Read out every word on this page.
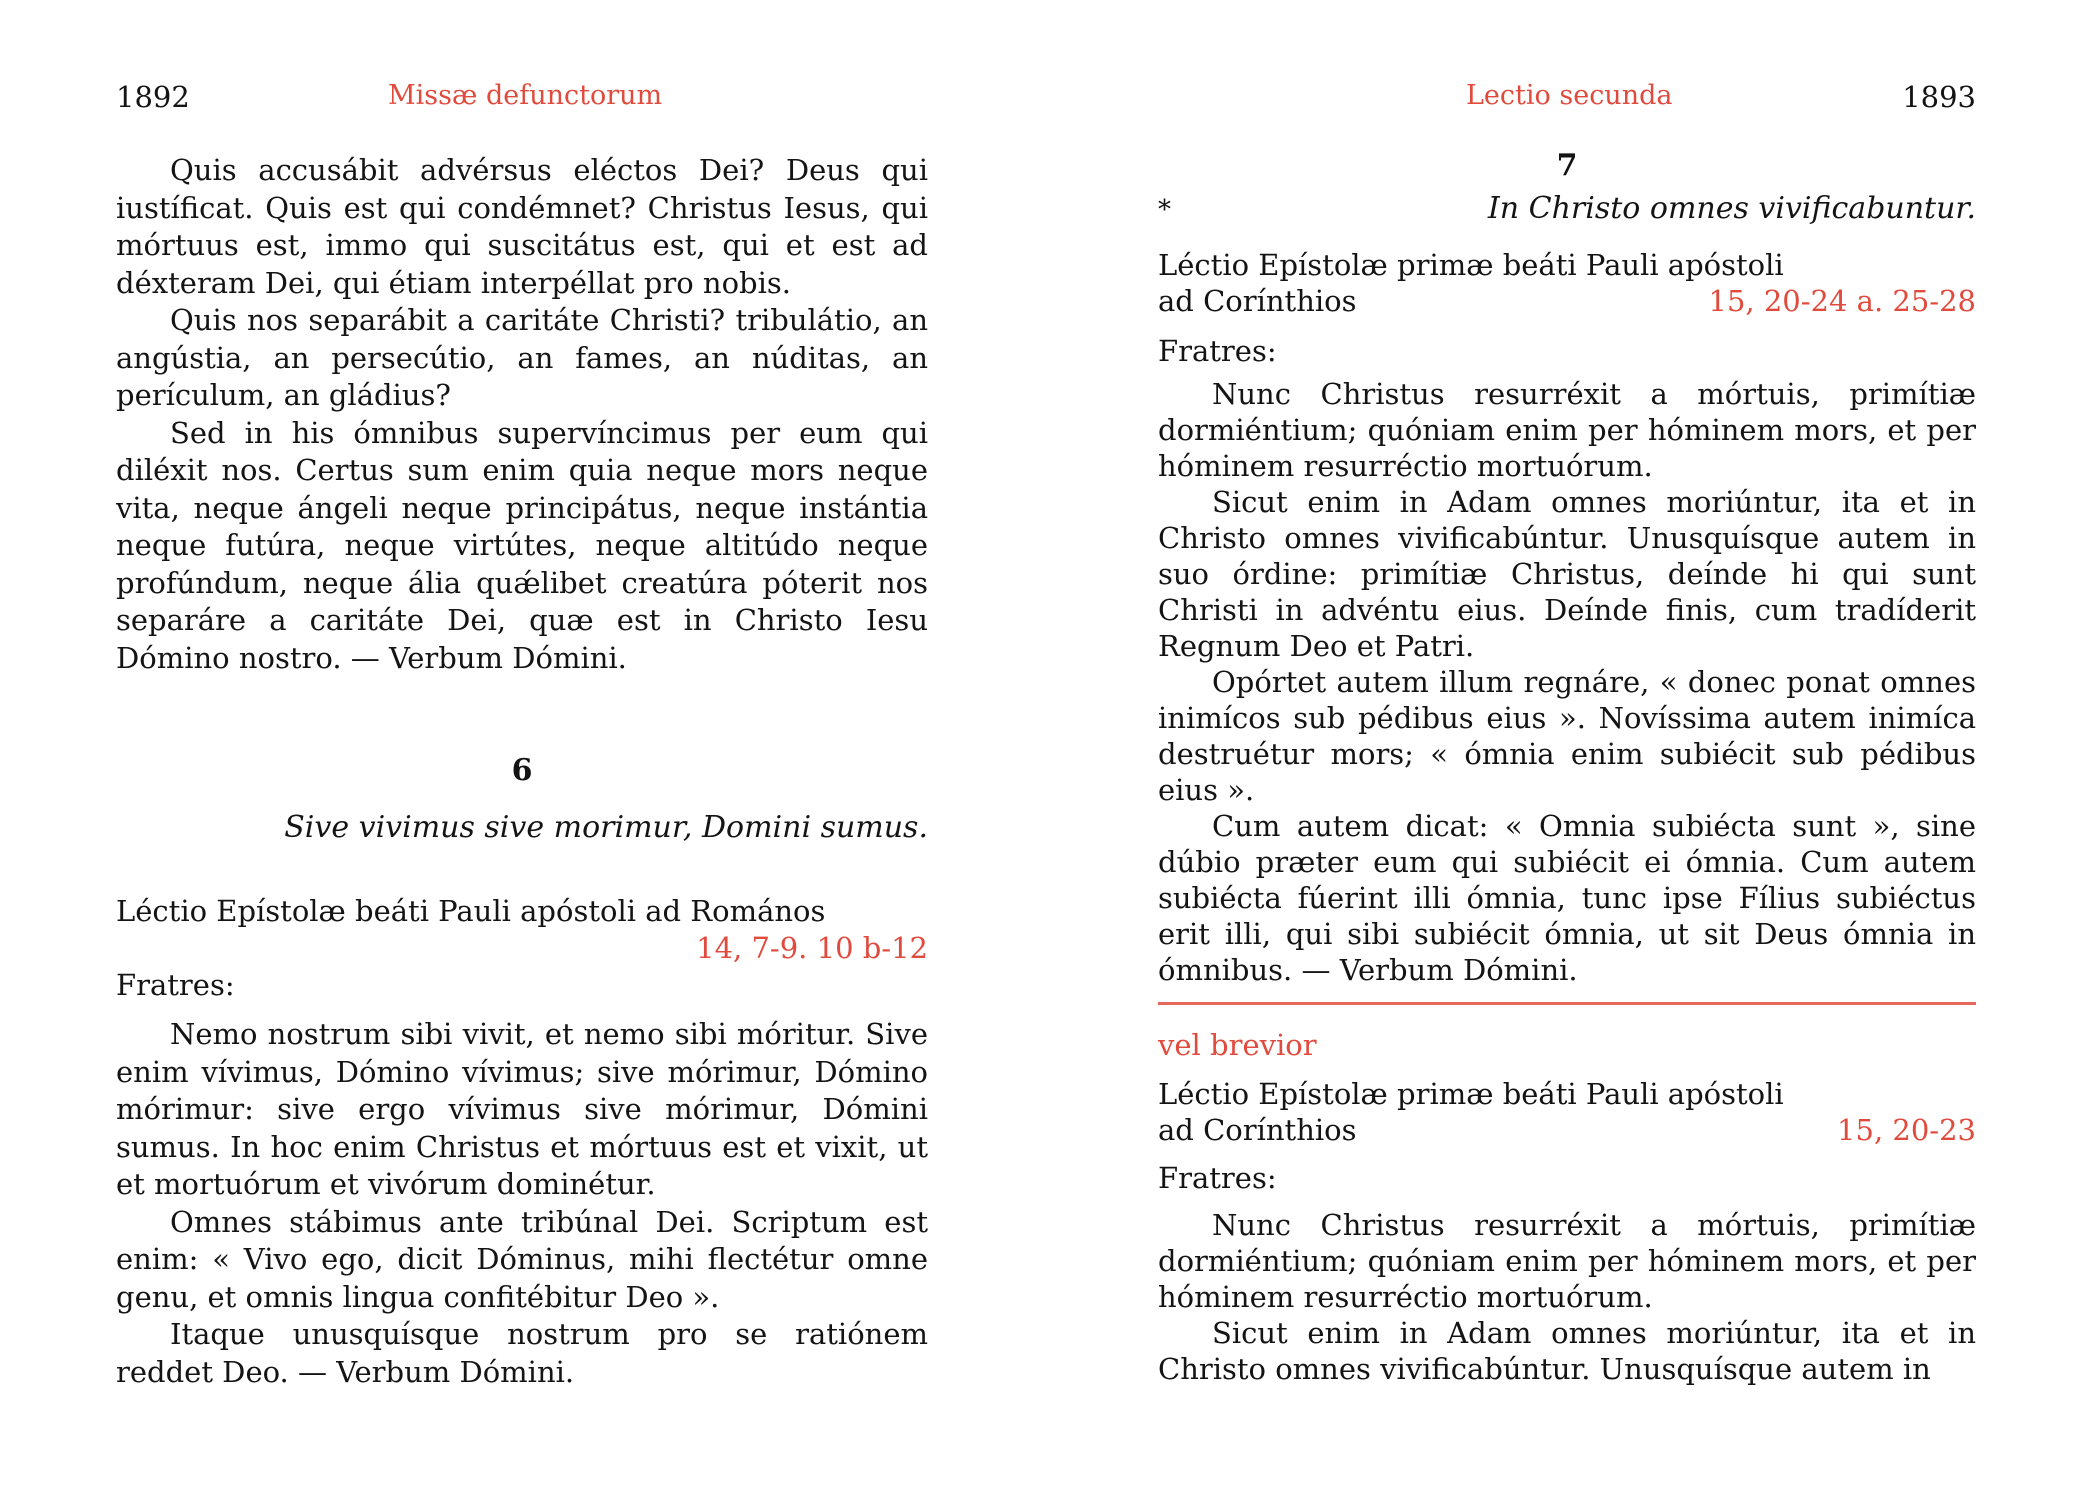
1892	Missæ defunctorum

Quis accusábit advérsus eléctos Dei? Deus qui iustíficat. Quis est qui condémnet? Christus Iesus, qui mórtuus est, immo qui suscitátus est, qui et est ad déxteram Dei, qui étiam interpéllat pro nobis.

Quis nos separábit a caritáte Christi? tribulátio, an angústia, an persecútio, an fames, an núditas, an perículum, an gládius?

Sed in his ómnibus supervíncimus per eum qui diléxit nos. Certus sum enim quia neque mors neque vita, neque ángeli neque principátus, neque instántia neque futúra, neque virtútes, neque altitúdo neque profúndum, neque ália quǽlibet creatúra póterit nos separáre a caritáte Dei, quæ est in Christo Iesu Dómino nostro. — Verbum Dómini.

6
Sive vivimus sive morimur, Domini sumus.
Léctio Epístolæ beáti Pauli apóstoli ad Romános
14, 7-9. 10 b-12
Fratres:

Nemo nostrum sibi vivit, et nemo sibi móritur. Sive enim vívimus, Dómino vívimus; sive mórimur, Dómino mórimur: sive ergo vívimus sive mórimur, Dómini sumus. In hoc enim Christus et mórtuus est et vixit, ut et mortuórum et vivórum dominétur.

Omnes stábimus ante tribúnal Dei. Scriptum est enim: « Vivo ego, dicit Dóminus, mihi flectétur omne genu, et omnis lingua confitébitur Deo ».

Itaque unusquísque nostrum pro se ratiónem reddet Deo. — Verbum Dómini.

Lectio secunda	1893
7
*	In Christo omnes vivificabuntur.
Léctio Epístolæ primæ beáti Pauli apóstoli
ad Corínthios	15, 20-24 a. 25-28
Fratres:

Nunc Christus resurréxit a mórtuis, primítiæ dormiéntium; quóniam enim per hóminem mors, et per hóminem resurréctio mortuórum.

Sicut enim in Adam omnes moriúntur, ita et in Christo omnes vivificabúntur. Unusquísque autem in suo órdine: primítiæ Christus, deínde hi qui sunt Christi in advéntu eius. Deínde finis, cum tradíderit Regnum Deo et Patri.

Opórtet autem illum regnáre, « donec ponat omnes inimícos sub pédibus eius ». Novíssima autem inimíca destruétur mors; « ómnia enim subiécit sub pédibus eius ».

Cum autem dicat: « Omnia subiécta sunt », sine dúbio præter eum qui subiécit ei ómnia. Cum autem subiécta fúerint illi ómnia, tunc ipse Fílius subiéctus erit illi, qui sibi subiécit ómnia, ut sit Deus ómnia in ómnibus. — Verbum Dómini.

vel brevior
Léctio Epístolæ primæ beáti Pauli apóstoli
ad Corínthios	15, 20-23
Fratres:

Nunc Christus resurréxit a mórtuis, primítiæ dormiéntium; quóniam enim per hóminem mors, et per hóminem resurréctio mortuórum.

Sicut enim in Adam omnes moriúntur, ita et in Christo omnes vivificabúntur. Unusquísque autem in
